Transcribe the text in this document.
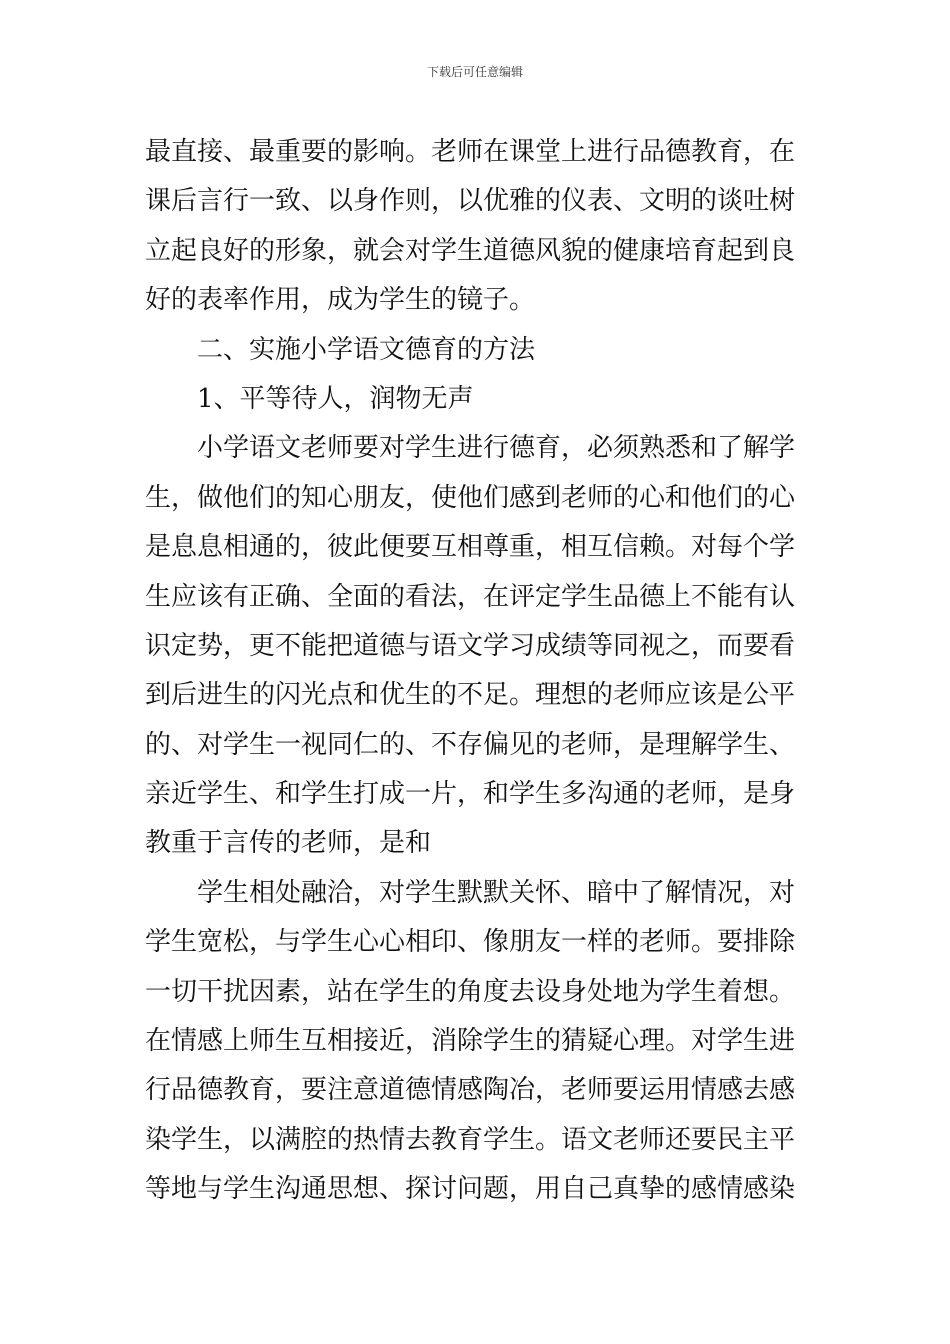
下载后可任意编辑
最直接、最重要的影响。老师在课堂上进行品德教育，在
课后言行一致、以身作则，以优雅的仪表、文明的谈吐树
立起良好的形象，就会对学生道德风貌的健康培育起到良
好的表率作用，成为学生的镜子。
二、实施小学语文德育的方法
1、平等待人，润物无声
小学语文老师要对学生进行德育，必须熟悉和了解学
生，做他们的知心朋友，使他们感到老师的心和他们的心
是息息相通的，彼此便要互相尊重，相互信赖。对每个学
生应该有正确、全面的看法，在评定学生品德上不能有认
识定势，更不能把道德与语文学习成绩等同视之，而要看
到后进生的闪光点和优生的不足。理想的老师应该是公平
的、对学生一视同仁的、不存偏见的老师，是理解学生、
亲近学生、和学生打成一片，和学生多沟通的老师，是身
教重于言传的老师，是和
学生相处融洽，对学生默默关怀、暗中了解情况，对
学生宽松，与学生心心相印、像朋友一样的老师。要排除
一切干扰因素，站在学生的角度去设身处地为学生着想。
在情感上师生互相接近，消除学生的猜疑心理。对学生进
行品德教育，要注意道德情感陶冶，老师要运用情感去感
染学生，以满腔的热情去教育学生。语文老师还要民主平
等地与学生沟通思想、探讨问题，用自己真挚的感情感染
